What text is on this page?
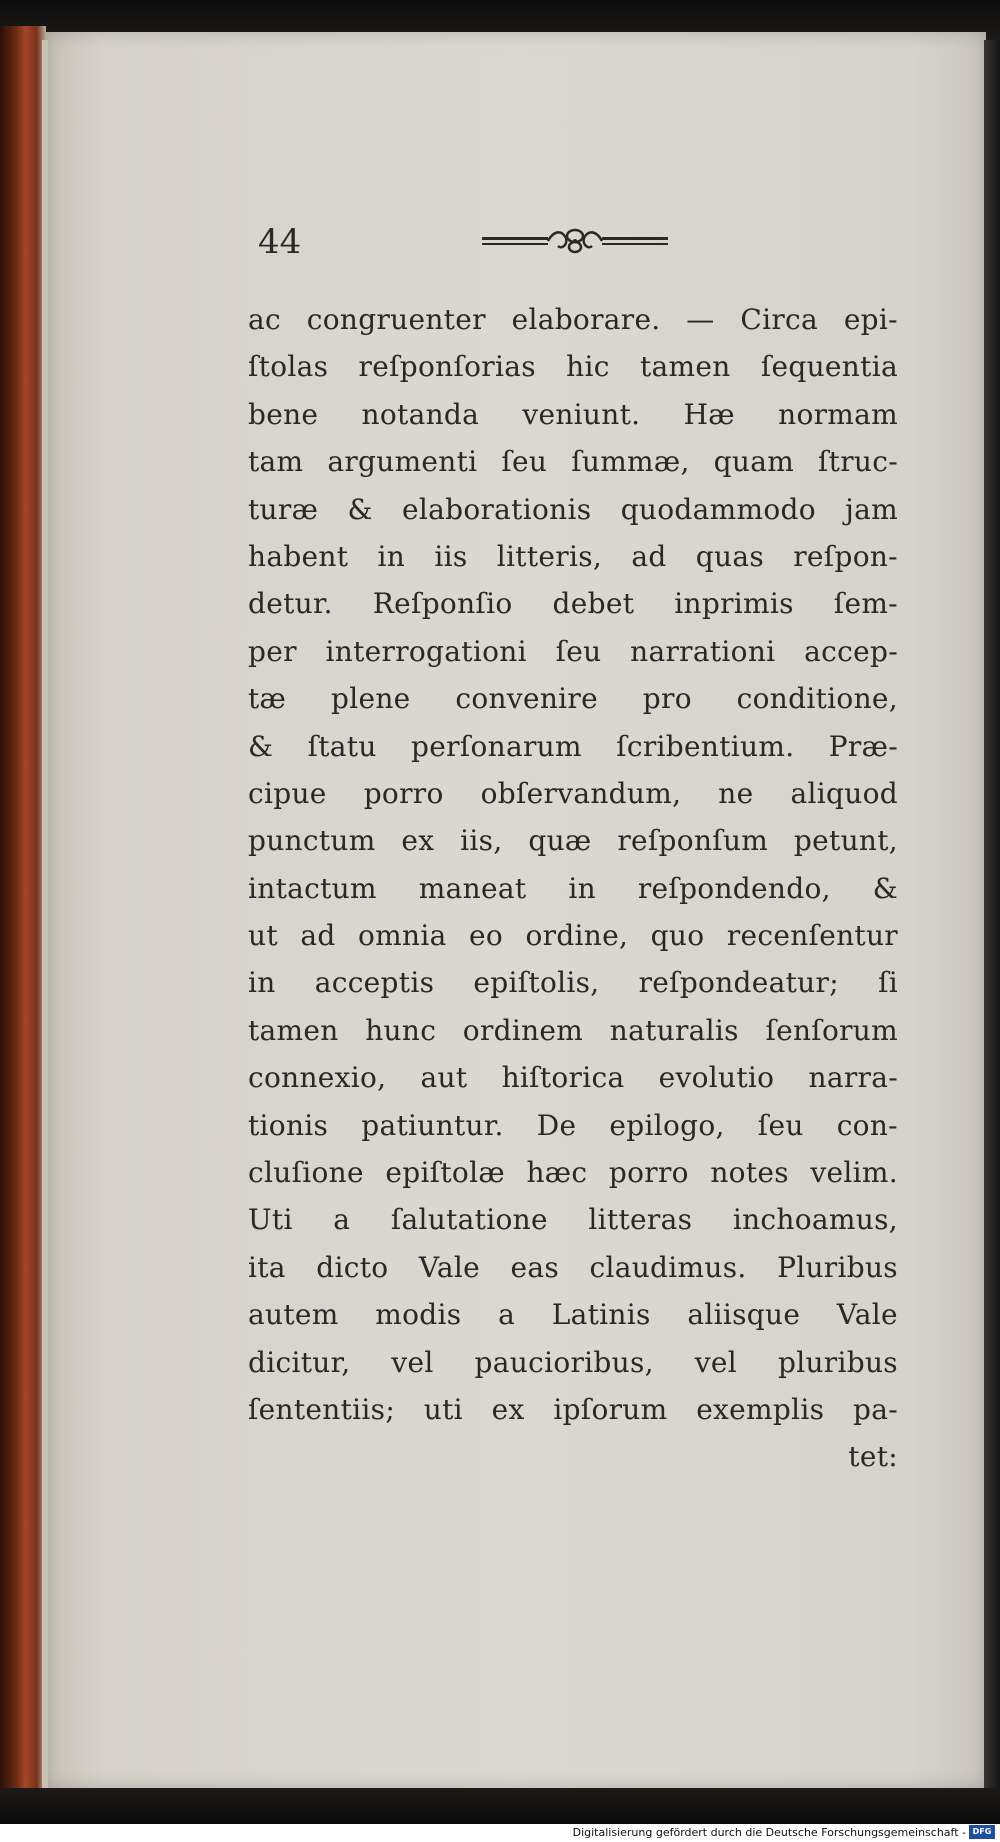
44
ac congruenter elaborare. — Circa epi-
ſtolas reſponſorias hic tamen ſequentia
bene notanda veniunt. Hæ normam
tam argumenti ſeu ſummæ, quam ſtruc-
turæ & elaborationis quodammodo jam
habent in iis litteris, ad quas reſpon-
detur. Reſponſio debet inprimis ſem-
per interrogationi ſeu narrationi accep-
tæ plene convenire pro conditione,
& ſtatu perſonarum ſcribentium. Præ-
cipue porro obſervandum, ne aliquod
punctum ex iis, quæ reſponſum petunt,
intactum maneat in reſpondendo, &
ut ad omnia eo ordine, quo recenſentur
in acceptis epiſtolis, reſpondeatur; ſi
tamen hunc ordinem naturalis ſenſorum
connexio, aut hiſtorica evolutio narra-
tionis patiuntur. De epilogo, ſeu con-
cluſione epiſtolæ hæc porro notes velim.
Uti a ſalutatione litteras inchoamus,
ita dicto Vale eas claudimus. Pluribus
autem modis a Latinis aliisque Vale
dicitur, vel paucioribus, vel pluribus
ſententiis; uti ex ipſorum exemplis pa-
tet:
Digitalisierung gefördert durch die Deutsche Forschungsgemeinschaft - DFG
